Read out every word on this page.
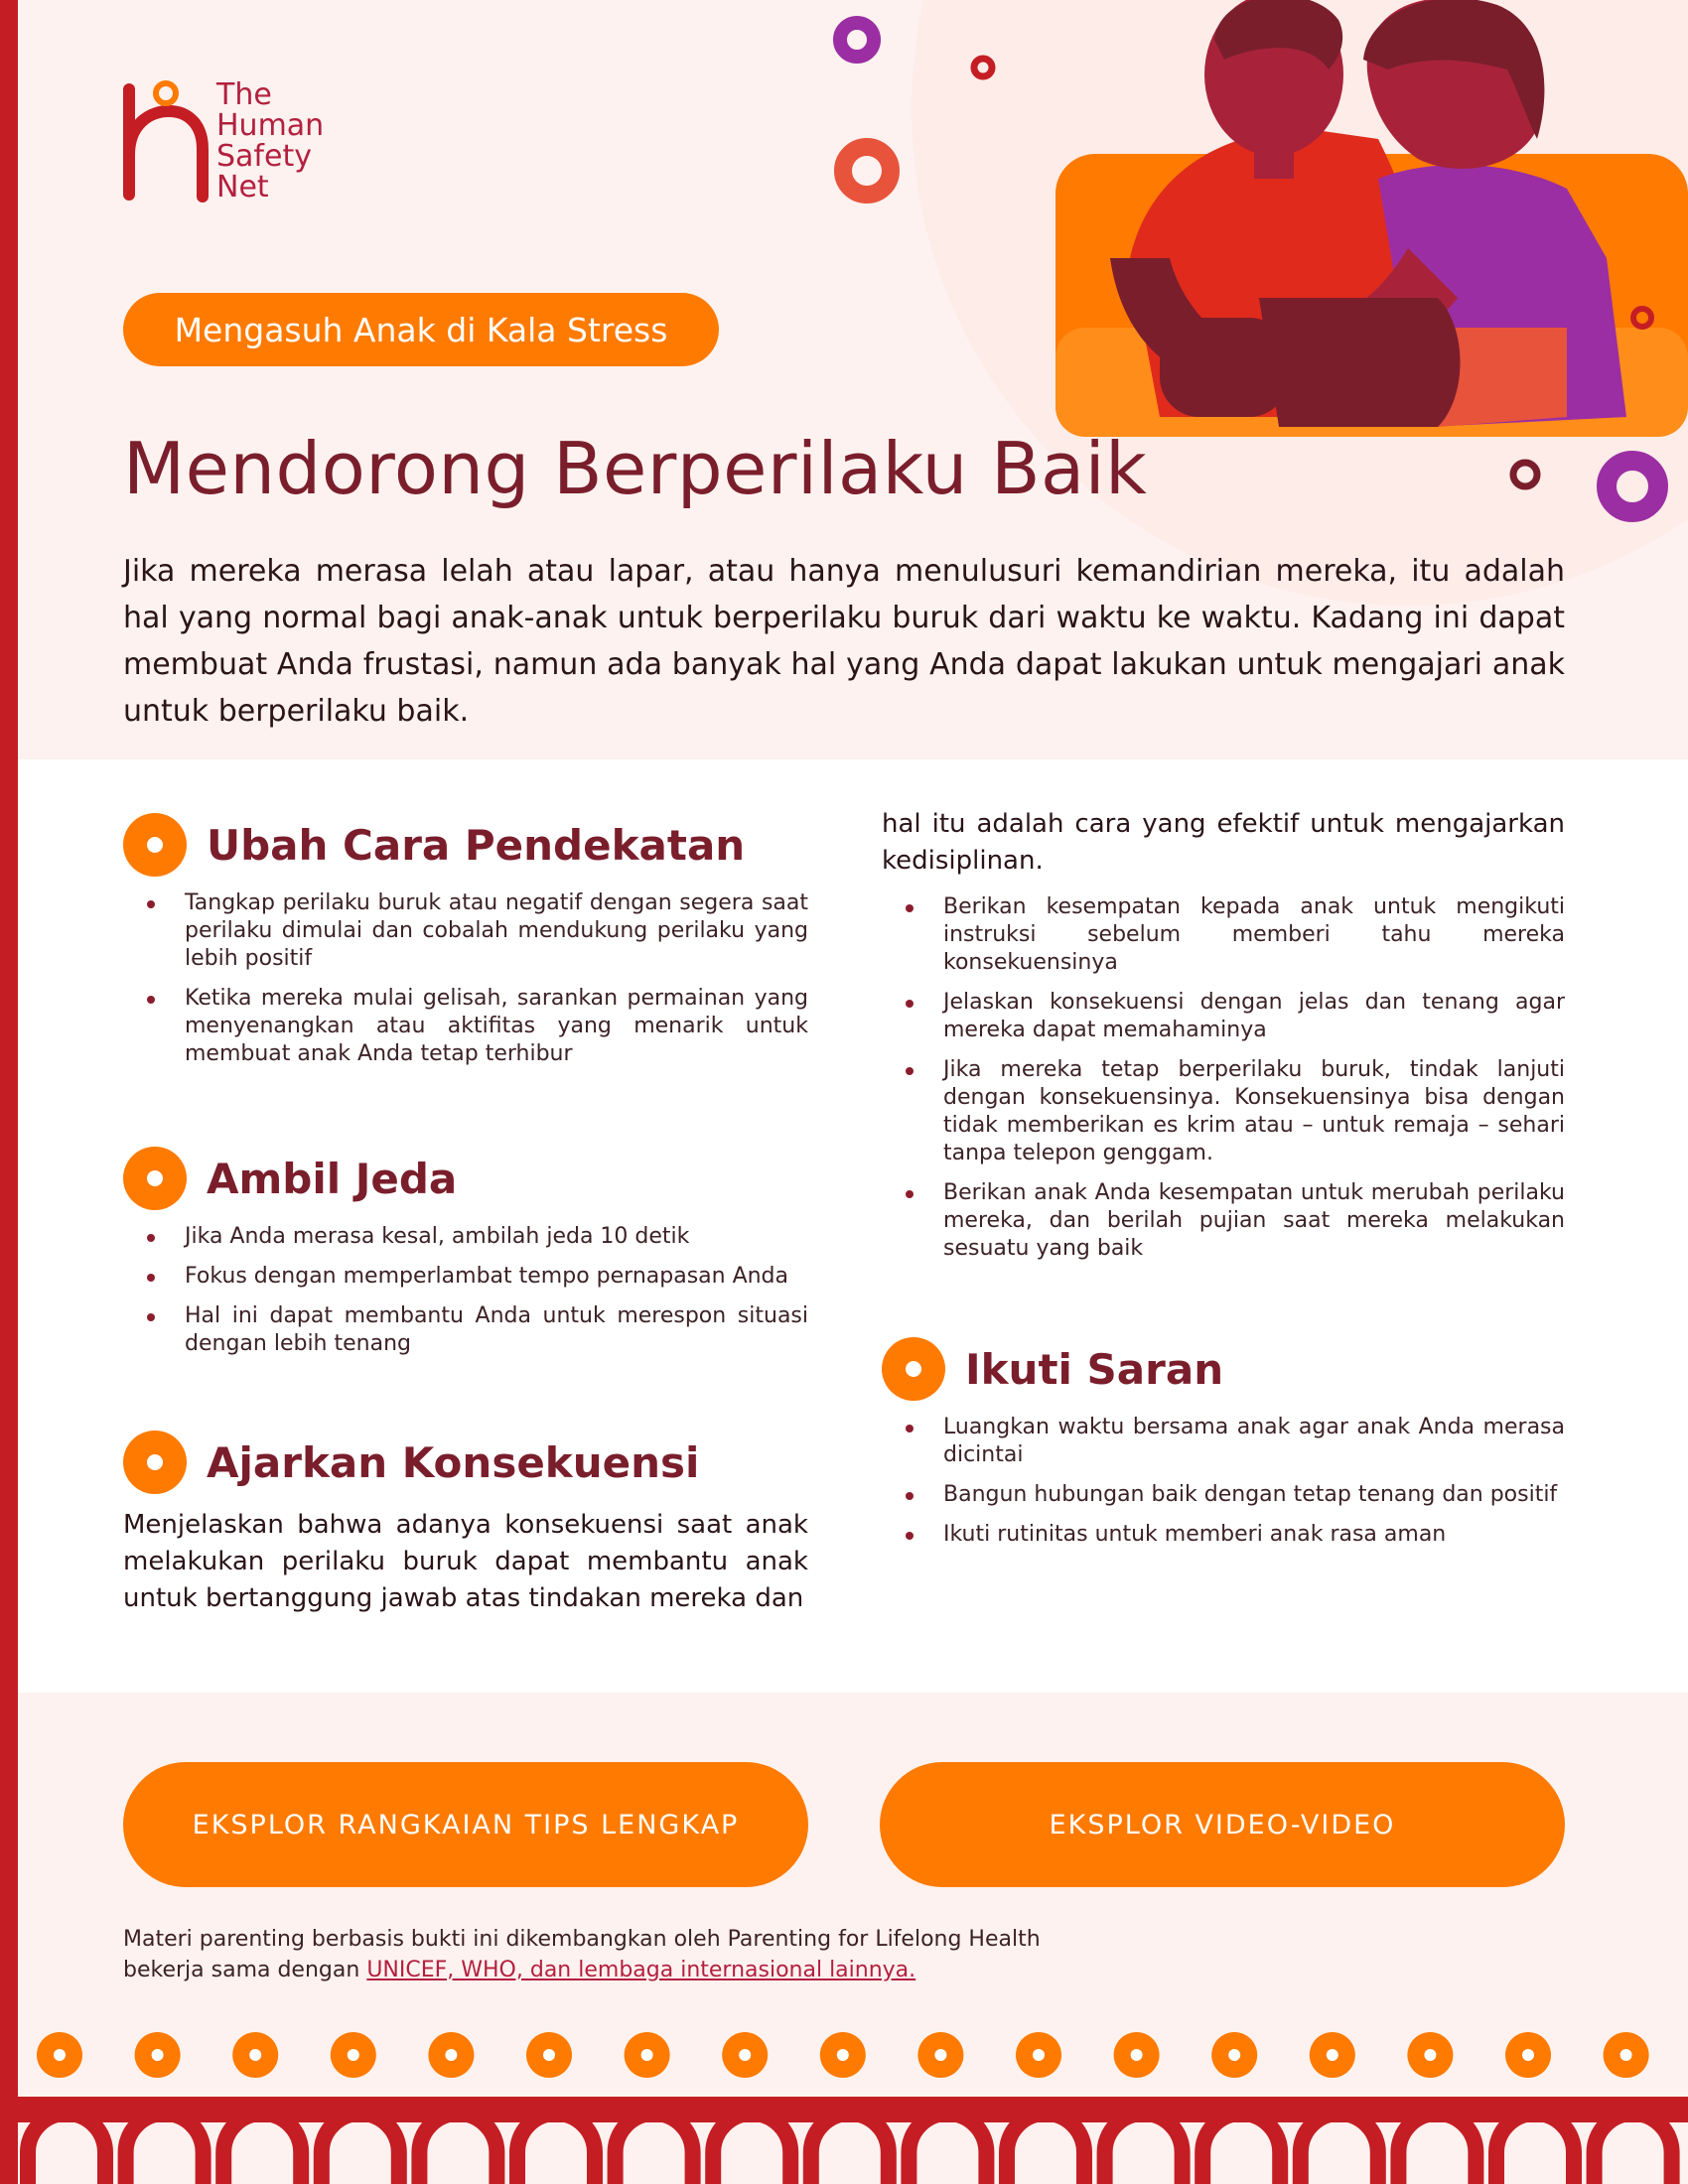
The
Human
Safety
Net
Mengasuh Anak di Kala Stress
Mendorong Berperilaku Baik

Jika mereka merasa lelah atau lapar, atau hanya menulusuri kemandirian mereka, itu adalah hal yang normal bagi anak-anak untuk berperilaku buruk dari waktu ke waktu. Kadang ini dapat membuat Anda frustasi, namun ada banyak hal yang Anda dapat lakukan untuk mengajari anak untuk berperilaku baik.

Ubah Cara Pendekatan
Tangkap perilaku buruk atau negatif dengan segera saat perilaku dimulai dan cobalah mendukung perilaku yang lebih positif
Ketika mereka mulai gelisah, sarankan permainan yang menyenangkan atau aktifitas yang menarik untuk membuat anak Anda tetap terhibur
Ambil Jeda
Jika Anda merasa kesal, ambilah jeda 10 detik
Fokus dengan memperlambat tempo pernapasan Anda
Hal ini dapat membantu Anda untuk merespon situasi dengan lebih tenang
Ajarkan Konsekuensi

Menjelaskan bahwa adanya konsekuensi saat anak melakukan perilaku buruk dapat membantu anak untuk bertanggung jawab atas tindakan mereka dan

hal itu adalah cara yang efektif untuk mengajarkan kedisiplinan.

Berikan kesempatan kepada anak untuk mengikuti instruksi sebelum memberi tahu mereka konsekuensinya
Jelaskan konsekuensi dengan jelas dan tenang agar mereka dapat memahaminya
Jika mereka tetap berperilaku buruk, tindak lanjuti dengan konsekuensinya. Konsekuensinya bisa dengan tidak memberikan es krim atau – untuk remaja – sehari tanpa telepon genggam.
Berikan anak Anda kesempatan untuk merubah perilaku mereka, dan berilah pujian saat mereka melakukan sesuatu yang baik
Ikuti Saran
Luangkan waktu bersama anak agar anak Anda merasa dicintai
Bangun hubungan baik dengan tetap tenang dan positif
Ikuti rutinitas untuk memberi anak rasa aman
EKSPLOR RANGKAIAN TIPS LENGKAP	EKSPLOR VIDEO-VIDEO
Materi parenting berbasis bukti ini dikembangkan oleh Parenting for Lifelong Health
bekerja sama dengan UNICEF, WHO, dan lembaga internasional lainnya.
